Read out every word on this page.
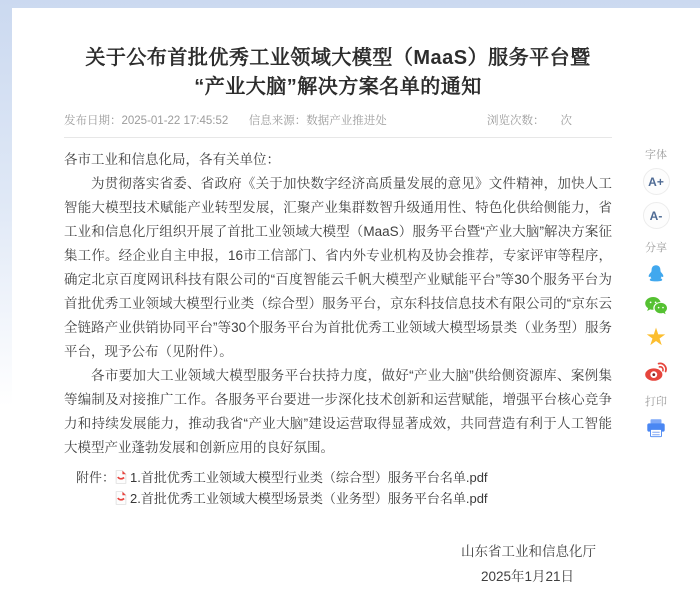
关于公布首批优秀工业领域大模型（MaaS）服务平台暨
“产业大脑”解决方案名单的通知
发布日期：2025-01-22 17:45:52 信息来源：数据产业推进处	浏览次数： 次

各市工业和信息化局，各有关单位：

为贯彻落实省委、省政府《关于加快数字经济高质量发展的意见》文件精神，加快人工智能大模型技术赋能产业转型发展，汇聚产业集群数智升级通用性、特色化供给侧能力，省工业和信息化厅组织开展了首批工业领域大模型（MaaS）服务平台暨“产业大脑”解决方案征集工作。经企业自主申报，16市工信部门、省内外专业机构及协会推荐，专家评审等程序，确定北京百度网讯科技有限公司的“百度智能云千帆大模型产业赋能平台”等30个服务平台为首批优秀工业领域大模型行业类（综合型）服务平台，京东科技信息技术有限公司的“京东云全链路产业供销协同平台”等30个服务平台为首批优秀工业领域大模型场景类（业务型）服务平台，现予公布（见附件）。

各市要加大工业领域大模型服务平台扶持力度，做好“产业大脑”供给侧资源库、案例集等编制及对接推广工作。各服务平台要进一步深化技术创新和运营赋能，增强平台核心竞争力和持续发展能力，推动我省“产业大脑”建设运营取得显著成效，共同营造有利于人工智能大模型产业蓬勃发展和创新应用的良好氛围。

附件： 1.首批优秀工业领域大模型行业类（综合型）服务平台名单.pdf
2.首批优秀工业领域大模型场景类（业务型）服务平台名单.pdf
山东省工业和信息化厅
2025年1月21日
字体
A+
A-
分享
★
打印
